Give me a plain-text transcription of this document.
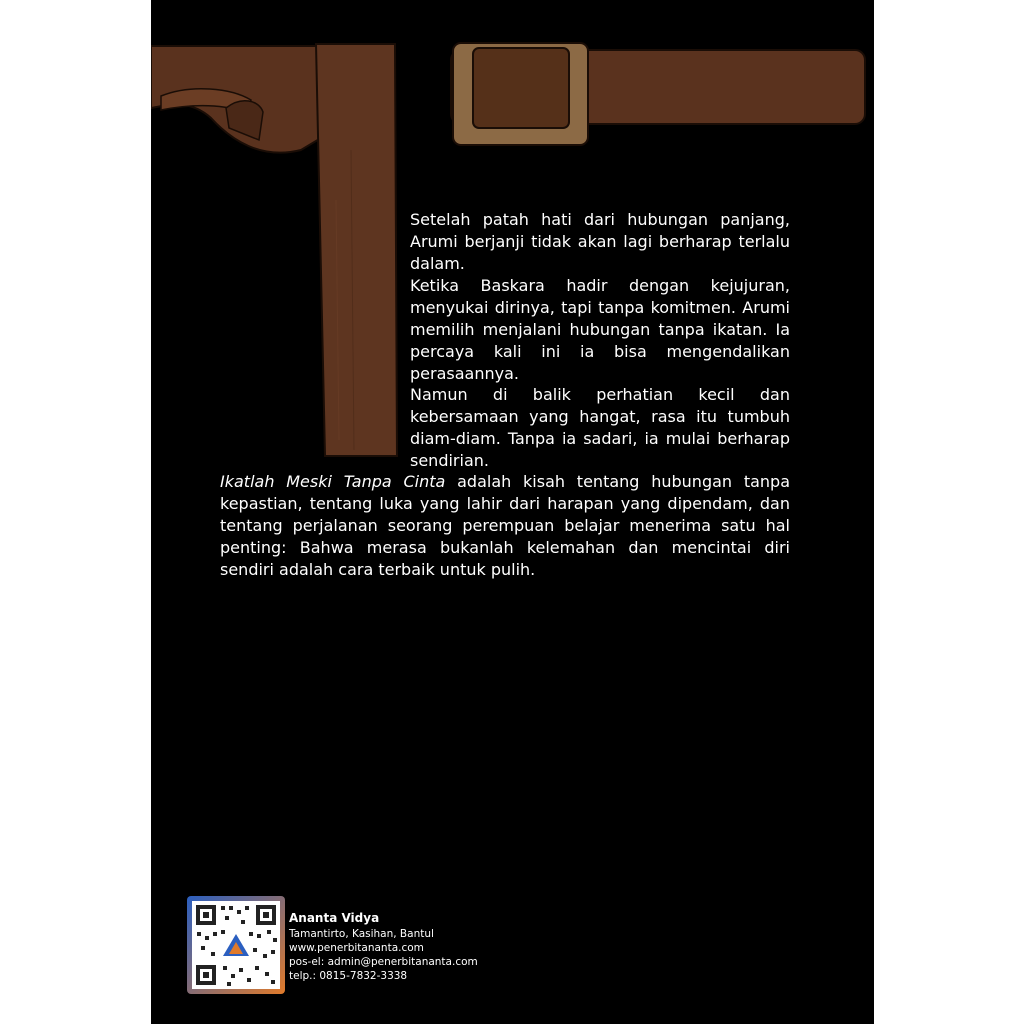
Setelah patah hati dari hubungan panjang, Arumi berjanji tidak akan lagi berharap terlalu dalam.

Ketika Baskara hadir dengan kejujuran, menyukai dirinya, tapi tanpa komitmen. Arumi memilih menjalani hubungan tanpa ikatan. Ia percaya kali ini ia bisa mengendalikan perasaannya.

Namun di balik perhatian kecil dan kebersamaan yang hangat, rasa itu tumbuh diam-diam. Tanpa ia sadari, ia mulai berharap sendirian.

Ikatlah Meski Tanpa Cinta adalah kisah tentang hubungan tanpa kepastian, tentang luka yang lahir dari harapan yang dipendam, dan tentang perjalanan seorang perempuan belajar menerima satu hal penting: Bahwa merasa bukanlah kelemahan dan mencintai diri sendiri adalah cara terbaik untuk pulih.

Ananta Vidya
Tamantirto, Kasihan, Bantul
www.penerbitananta.com
pos-el: admin@penerbitananta.com
telp.: 0815-7832-3338
